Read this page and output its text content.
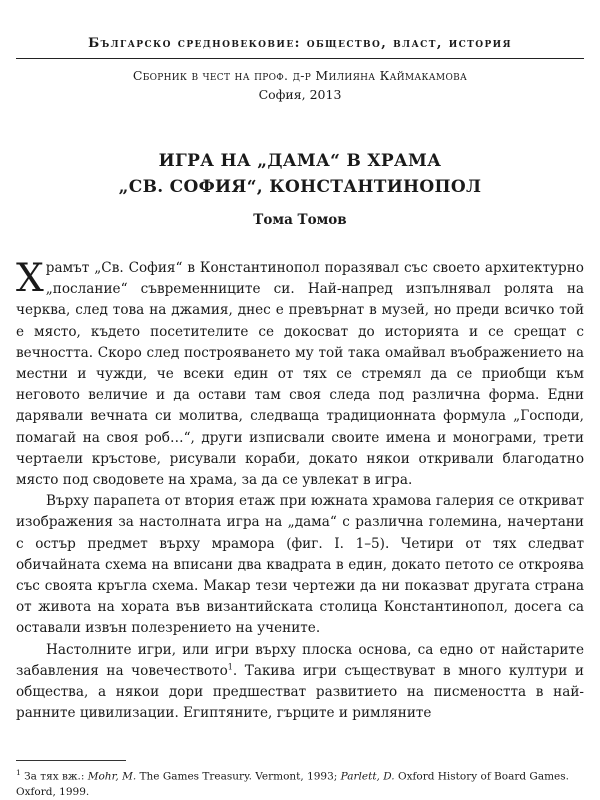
Българско средновековие: общество, власт, история
Сборник в чест на проф. д-р Милияна Каймакамова
София, 2013
ИГРА НА „ДАМА“ В ХРАМА
„СВ. СОФИЯ“, КОНСТАНТИНОПОЛ
Тома Томов

Храмът „Св. София“ в Константинопол поразявал със своето архитектурно „послание“ съвременниците си. Най-напред изпълнявал ролята на черква, след това на джамия, днес е превърнат в музей, но преди всичко той е място, където посетителите се докосват до историята и се срещат с вечността. Скоро след построяването му той така омайвал въображението на местни и чужди, че всеки един от тях се стремял да се приобщи към неговото величие и да остави там своя следа под различна форма. Едни дарявали вечната си молитва, следваща традиционната формула „Господи, помагай на своя роб…“, други изписвали своите имена и монограми, трети чертаели кръстове, рисували кораби, докато някои откривали благодатно място под сводовете на храма, за да се увлекат в игра.

Върху парапета от втория етаж при южната храмова галерия се откриват изображения за настолната игра на „дама“ с различна големина, начертани с остър предмет върху мрамора (фиг. I. 1–5). Четири от тях следват обичайната схема на вписани два квадрата в един, докато петото се откроява със своята кръгла схема. Макар тези чертежи да ни показват другата страна от живота на хората във византийската столица Константинопол, досега са оставали извън полезрението на учените.

Настолните игри, или игри върху плоска основа, са едно от найстарите забавления на човечеството$^1$. Такива игри съществуват в много култури и общества, а някои дори предшестват развитието на писмеността в най-ранните цивилизации. Египтяните, гърците и римляните

$^1$ За тях вж.: Mohr, M. The Games Treasury. Vermont, 1993; Parlett, D. Oxford History of Board Games. Oxford, 1999.
